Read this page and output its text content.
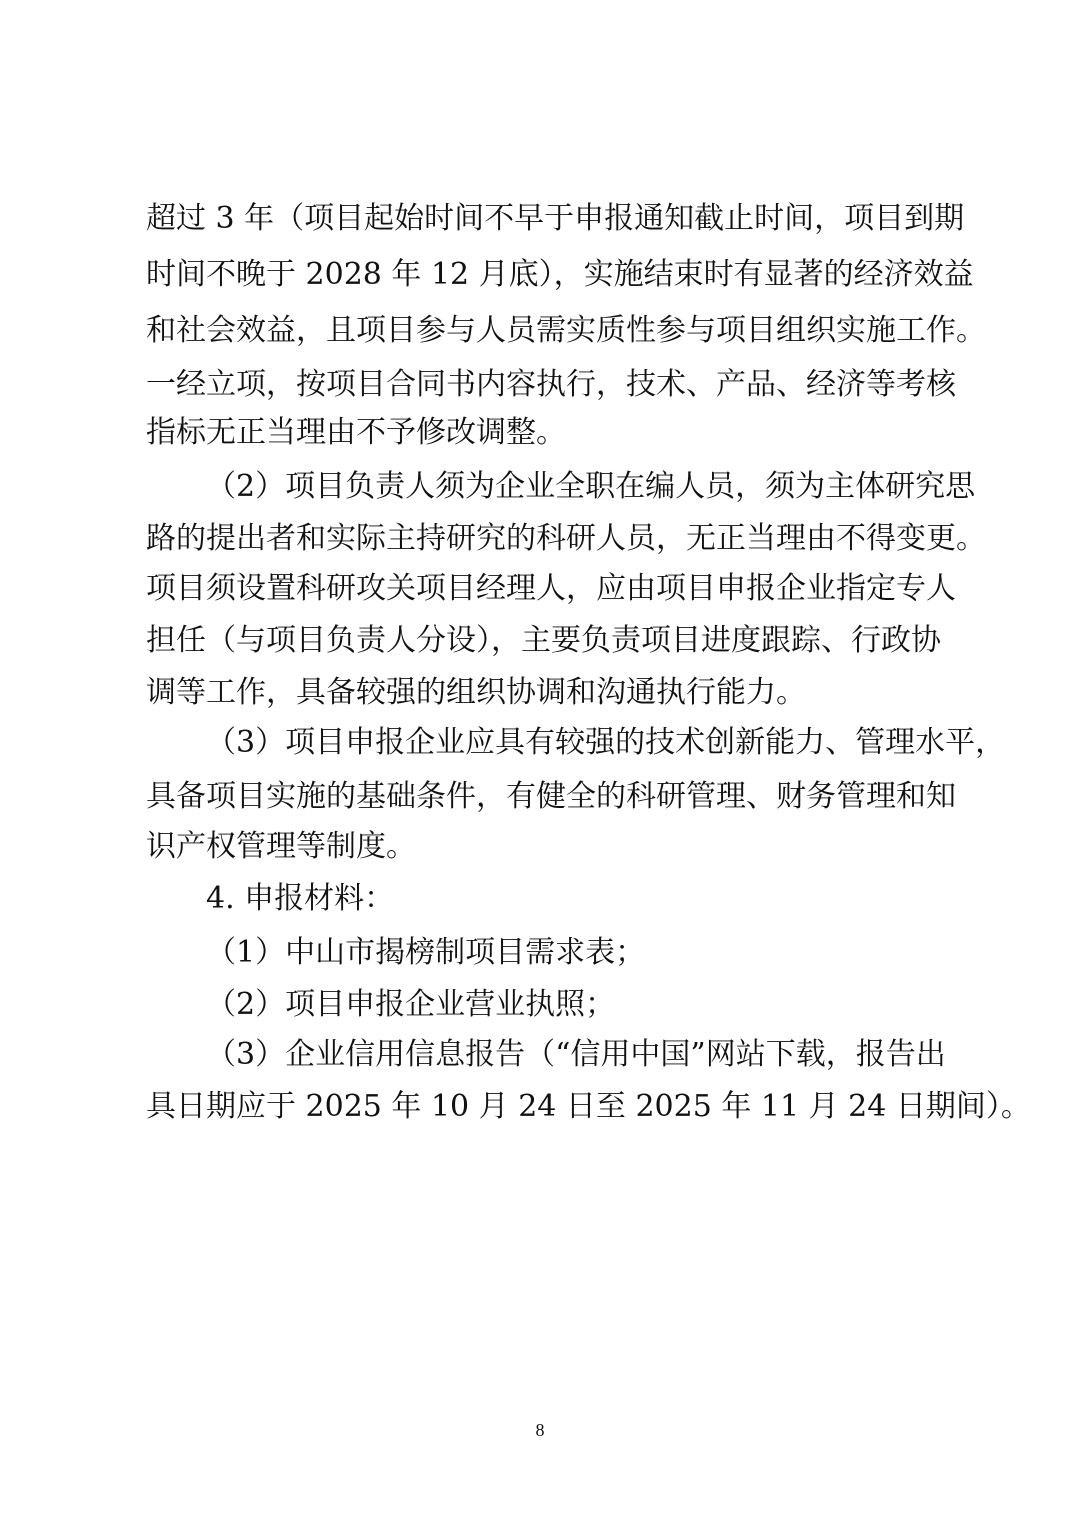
超过 3 年（项目起始时间不早于申报通知截止时间，项目到期
时间不晚于 2028 年 12 月底），实施结束时有显著的经济效益
和社会效益，且项目参与人员需实质性参与项目组织实施工作。
一经立项，按项目合同书内容执行，技术、产品、经济等考核
指标无正当理由不予修改调整。
（2）项目负责人须为企业全职在编人员，须为主体研究思
路的提出者和实际主持研究的科研人员，无正当理由不得变更。
项目须设置科研攻关项目经理人，应由项目申报企业指定专人
担任（与项目负责人分设），主要负责项目进度跟踪、行政协
调等工作，具备较强的组织协调和沟通执行能力。
（3）项目申报企业应具有较强的技术创新能力、管理水平，
具备项目实施的基础条件，有健全的科研管理、财务管理和知
识产权管理等制度。
4. 申报材料：
（1）中山市揭榜制项目需求表；
（2）项目申报企业营业执照；
（3）企业信用信息报告（“信用中国”网站下载，报告出
具日期应于 2025 年 10 月 24 日至 2025 年 11 月 24 日期间）。
8
